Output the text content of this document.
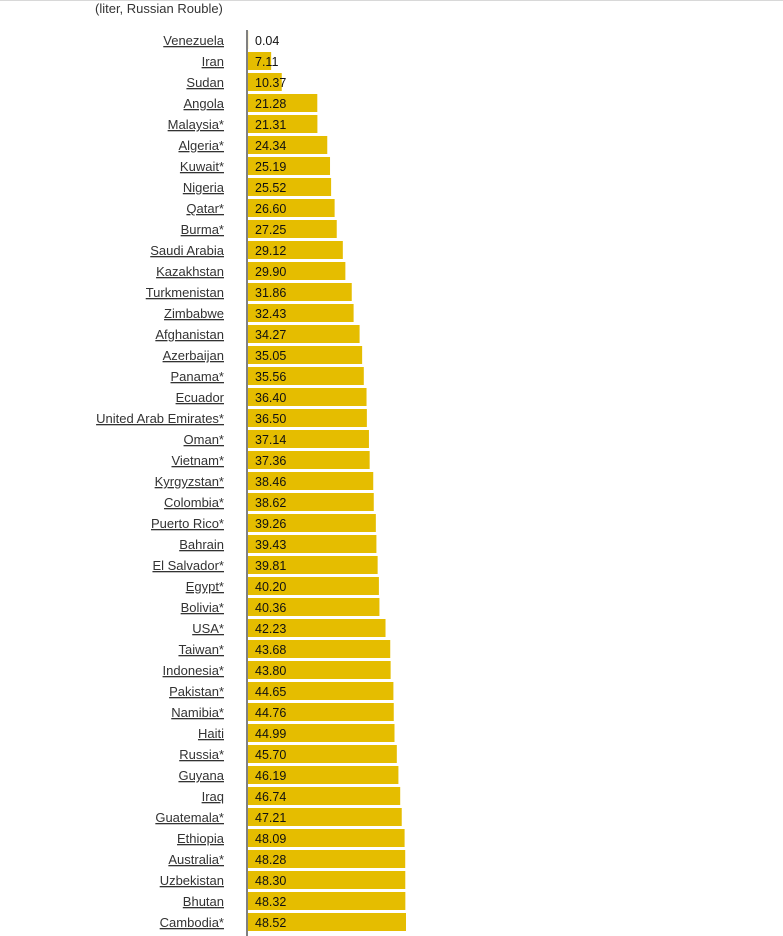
(liter, Russian Rouble)
Venezuela 0.04
Iran 7.11
Sudan 10.37
Angola 21.28
Malaysia* 21.31
Algeria* 24.34
Kuwait* 25.19
Nigeria 25.52
Qatar* 26.60
Burma* 27.25
Saudi Arabia 29.12
Kazakhstan 29.90
Turkmenistan 31.86
Zimbabwe 32.43
Afghanistan 34.27
Azerbaijan 35.05
Panama* 35.56
Ecuador 36.40
United Arab Emirates* 36.50
Oman* 37.14
Vietnam* 37.36
Kyrgyzstan* 38.46
Colombia* 38.62
Puerto Rico* 39.26
Bahrain 39.43
El Salvador* 39.81
Egypt* 40.20
Bolivia* 40.36
USA* 42.23
Taiwan* 43.68
Indonesia* 43.80
Pakistan* 44.65
Namibia* 44.76
Haiti 44.99
Russia* 45.70
Guyana 46.19
Iraq 46.74
Guatemala* 47.21
Ethiopia 48.09
Australia* 48.28
Uzbekistan 48.30
Bhutan 48.32
Cambodia* 48.52
